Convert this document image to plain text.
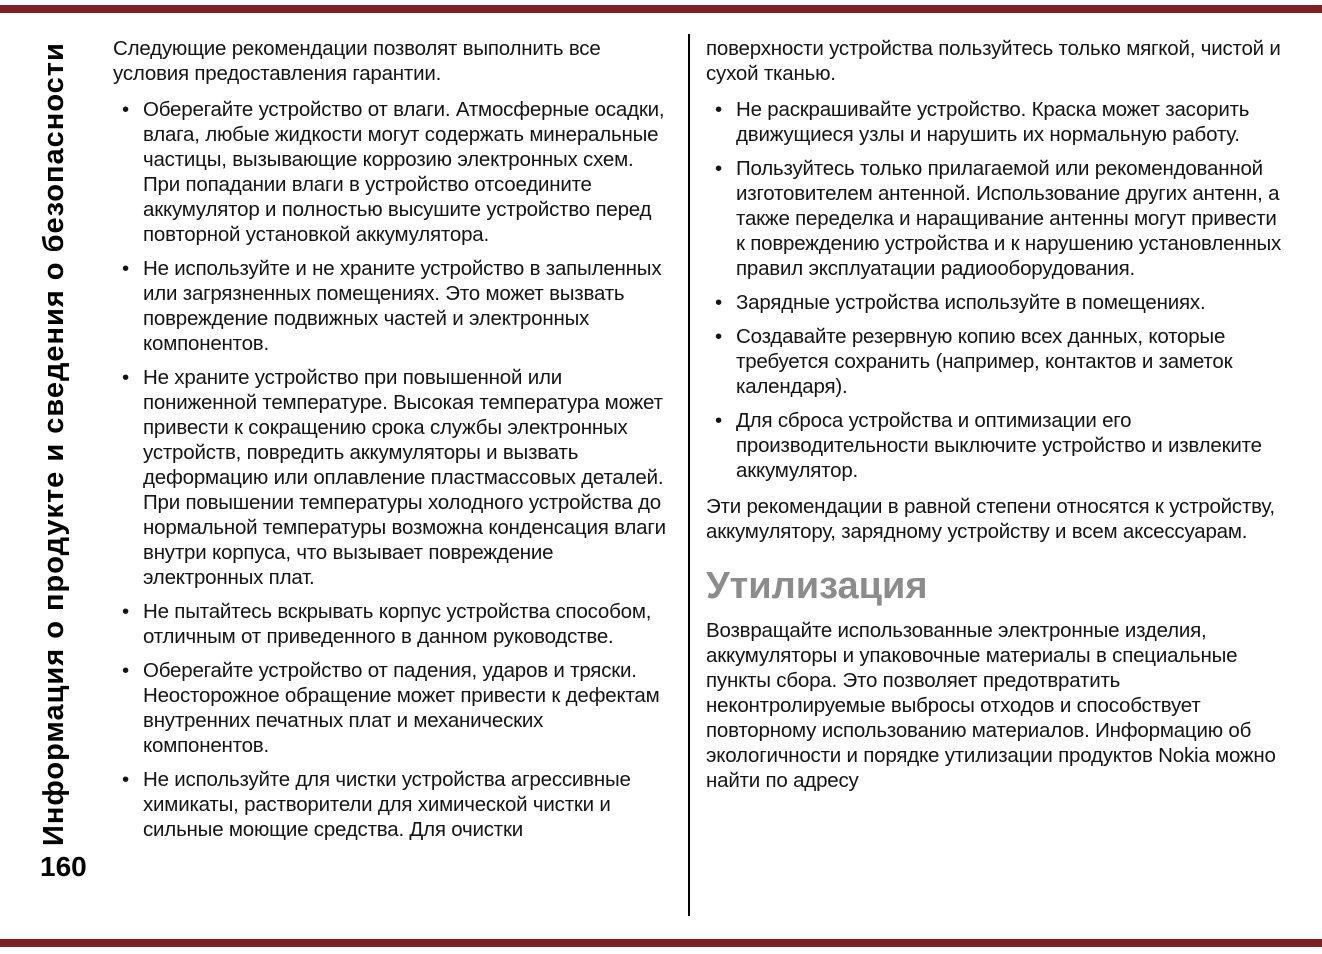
Информация о продукте и сведения о безопасности
160

Следующие рекомендации позволят выполнить все условия предоставления гарантии.

• Оберегайте устройство от влаги. Атмосферные осадки, влага, любые жидкости могут содержать минеральные частицы, вызывающие коррозию электронных схем. При попадании влаги в устройство отсоедините аккумулятор и полностью высушите устройство перед повторной установкой аккумулятора.
• Не используйте и не храните устройство в запыленных или загрязненных помещениях. Это может вызвать повреждение подвижных частей и электронных компонентов.
• Не храните устройство при повышенной или пониженной температуре. Высокая температура может привести к сокращению срока службы электронных устройств, повредить аккумуляторы и вызвать деформацию или оплавление пластмассовых деталей. При повышении температуры холодного устройства до нормальной температуры возможна конденсация влаги внутри корпуса, что вызывает повреждение электронных плат.
• Не пытайтесь вскрывать корпус устройства способом, отличным от приведенного в данном руководстве.
• Оберегайте устройство от падения, ударов и тряски. Неосторожное обращение может привести к дефектам внутренних печатных плат и механических компонентов.
• Не используйте для чистки устройства агрессивные химикаты, растворители для химической чистки и сильные моющие средства. Для очистки

поверхности устройства пользуйтесь только мягкой, чистой и сухой тканью.

• Не раскрашивайте устройство. Краска может засорить движущиеся узлы и нарушить их нормальную работу.
• Пользуйтесь только прилагаемой или рекомендованной изготовителем антенной. Использование других антенн, а также переделка и наращивание антенны могут привести к повреждению устройства и к нарушению установленных правил эксплуатации радиооборудования.
• Зарядные устройства используйте в помещениях.
• Создавайте резервную копию всех данных, которые требуется сохранить (например, контактов и заметок календаря).
• Для сброса устройства и оптимизации его производительности выключите устройство и извлеките аккумулятор.

Эти рекомендации в равной степени относятся к устройству, аккумулятору, зарядному устройству и всем аксессуарам.

Утилизация

Возвращайте использованные электронные изделия, аккумуляторы и упаковочные материалы в специальные пункты сбора. Это позволяет предотвратить неконтролируемые выбросы отходов и способствует повторному использованию материалов. Информацию об экологичности и порядке утилизации продуктов Nokia можно найти по адресу
